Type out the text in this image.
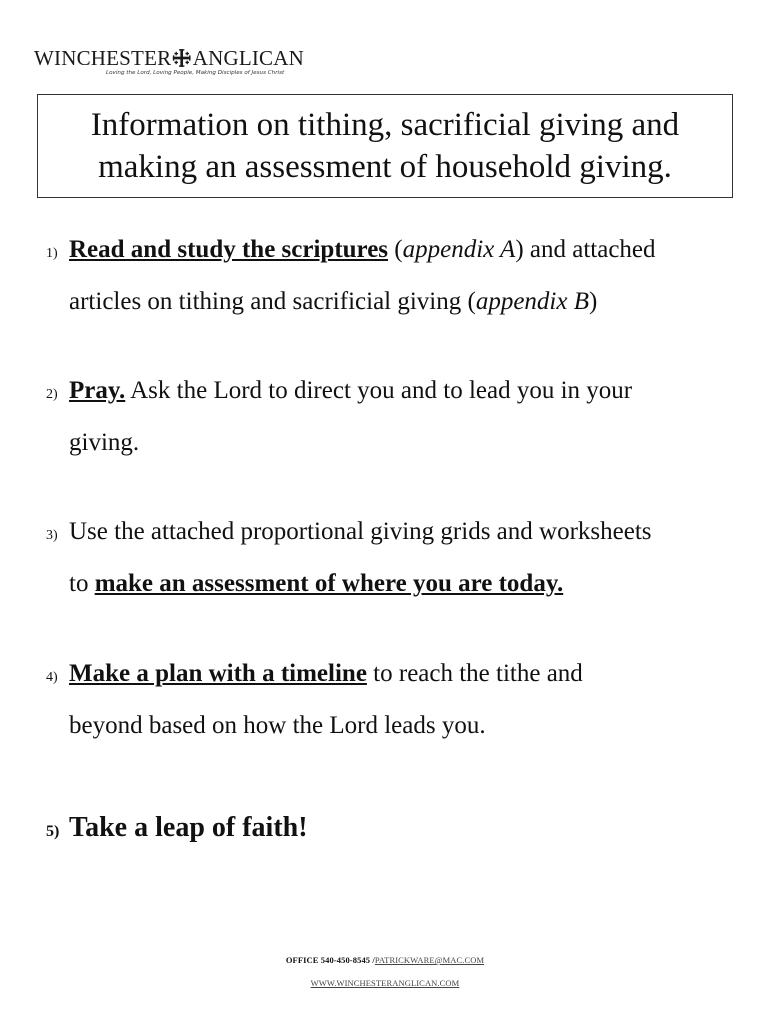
WINCHESTER ANGLICAN
Loving the Lord, Loving People, Making Disciples of Jesus Christ
Information on tithing, sacrificial giving and
making an assessment of household giving.
1) Read and study the scriptures (appendix A) and attached
articles on tithing and sacrificial giving (appendix B)
2) Pray. Ask the Lord to direct you and to lead you in your
giving.
3) Use the attached proportional giving grids and worksheets
to make an assessment of where you are today.
4) Make a plan with a timeline to reach the tithe and
beyond based on how the Lord leads you.
5) Take a leap of faith!
OFFICE 540-450-8545 /PATRICKWARE@MAC.COM
WWW.WINCHESTERANGLICAN.COM
